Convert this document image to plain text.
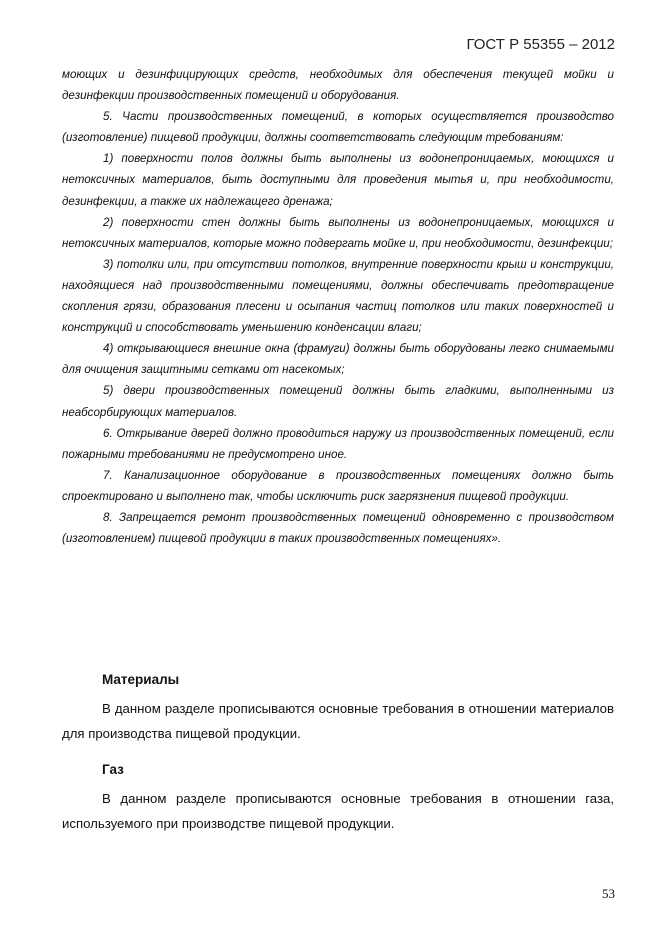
ГОСТ Р 55355 – 2012

моющих и дезинфицирующих средств, необходимых для обеспечения текущей мойки и дезинфекции производственных помещений и оборудования.

5. Части производственных помещений, в которых осуществляется производство (изготовление) пищевой продукции, должны соответствовать следующим требованиям:

1) поверхности полов должны быть выполнены из водонепроницаемых, моющихся и нетоксичных материалов, быть доступными для проведения мытья и, при необходимости, дезинфекции, а также их надлежащего дренажа;

2) поверхности стен должны быть выполнены из водонепроницаемых, моющихся и нетоксичных материалов, которые можно подвергать мойке и, при необходимости, дезинфекции;

3) потолки или, при отсутствии потолков, внутренние поверхности крыш и конструкции, находящиеся над производственными помещениями, должны обеспечивать предотвращение скопления грязи, образования плесени и осыпания частиц потолков или таких поверхностей и конструкций и способствовать уменьшению конденсации влаги;

4) открывающиеся внешние окна (фрамуги) должны быть оборудованы легко снимаемыми для очищения защитными сетками от насекомых;

5) двери производственных помещений должны быть гладкими, выполненными из неабсорбирующих материалов.

6. Открывание дверей должно проводиться наружу из производственных помещений, если пожарными требованиями не предусмотрено иное.

7. Канализационное оборудование в производственных помещениях должно быть спроектировано и выполнено так, чтобы исключить риск загрязнения пищевой продукции.

8. Запрещается ремонт производственных помещений одновременно с производством (изготовлением) пищевой продукции в таких производственных помещениях».

Материалы

В данном разделе прописываются основные требования в отношении материалов для производства пищевой продукции.

Газ

В данном разделе прописываются основные требования в отношении газа, используемого при производстве пищевой продукции.

53
